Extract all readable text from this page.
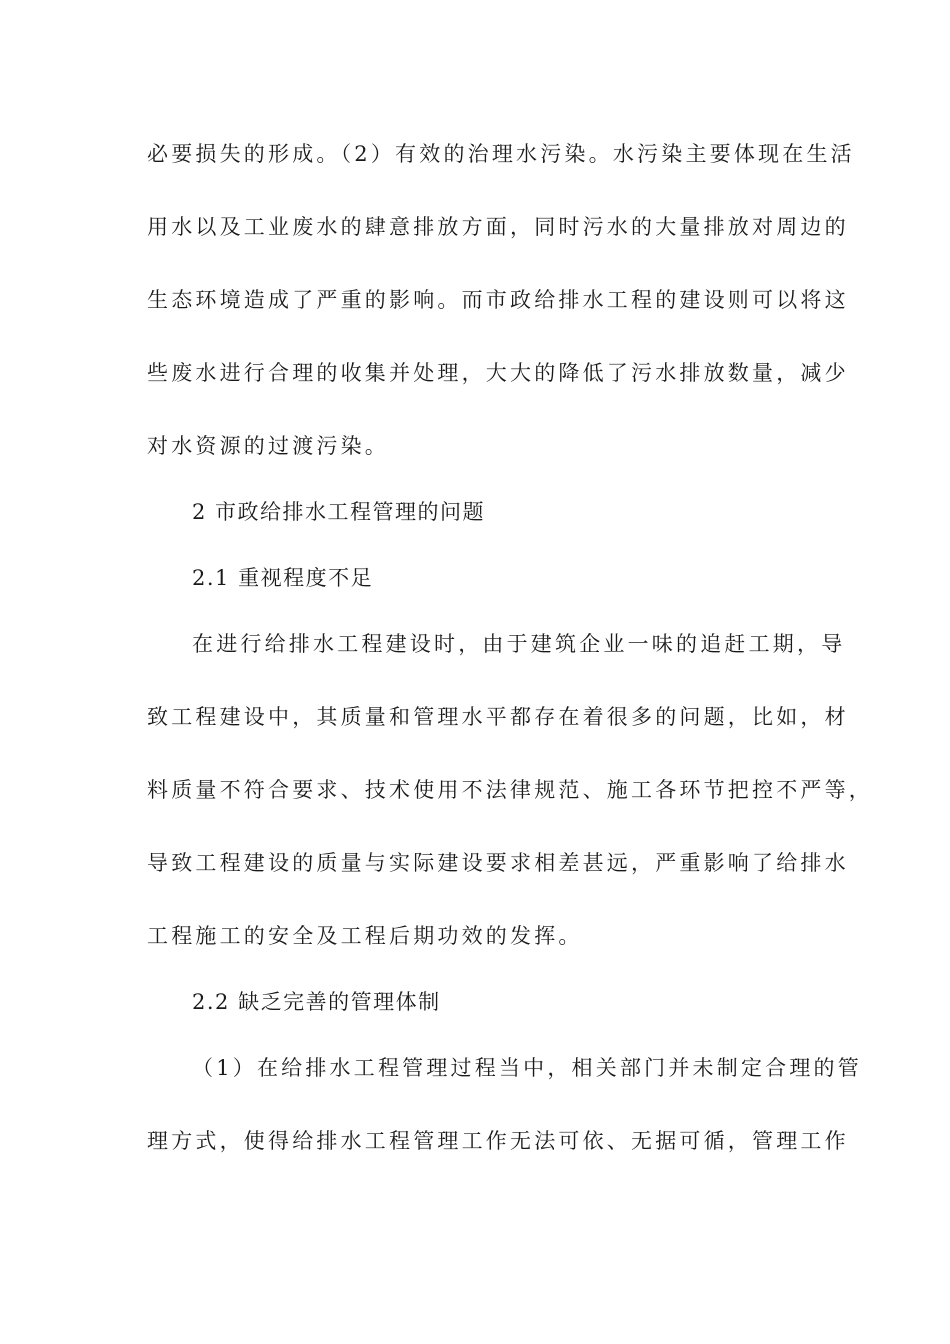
必要损失的形成。（2）有效的治理水污染。水污染主要体现在生活
用水以及工业废水的肆意排放方面，同时污水的大量排放对周边的
生态环境造成了严重的影响。而市政给排水工程的建设则可以将这
些废水进行合理的收集并处理，大大的降低了污水排放数量，减少
对水资源的过渡污染。
2 市政给排水工程管理的问题
2.1 重视程度不足
在进行给排水工程建设时，由于建筑企业一味的追赶工期，导
致工程建设中，其质量和管理水平都存在着很多的问题，比如，材
料质量不符合要求、技术使用不法律规范、施工各环节把控不严等，
导致工程建设的质量与实际建设要求相差甚远，严重影响了给排水
工程施工的安全及工程后期功效的发挥。
2.2 缺乏完善的管理体制
（1）在给排水工程管理过程当中，相关部门并未制定合理的管
理方式，使得给排水工程管理工作无法可依、无据可循，管理工作
